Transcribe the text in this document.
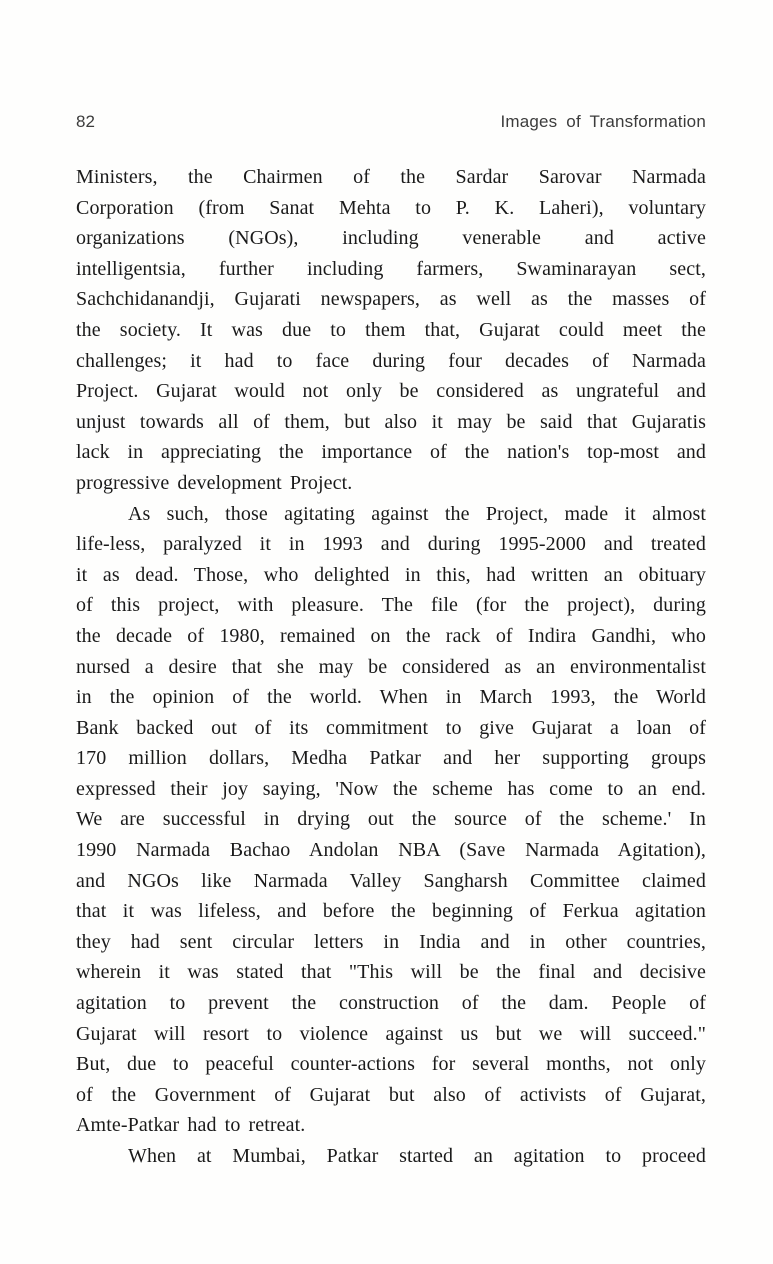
82	Images of Transformation
Ministers, the Chairmen of the Sardar Sarovar Narmada
Corporation (from Sanat Mehta to P. K. Laheri), voluntary
organizations (NGOs), including venerable and active
intelligentsia, further including farmers, Swaminarayan sect,
Sachchidanandji, Gujarati newspapers, as well as the masses of
the society. It was due to them that, Gujarat could meet the
challenges; it had to face during four decades of Narmada
Project. Gujarat would not only be considered as ungrateful and
unjust towards all of them, but also it may be said that Gujaratis
lack in appreciating the importance of the nation's top-most and
progressive development Project.
As such, those agitating against the Project, made it almost
life-less, paralyzed it in 1993 and during 1995-2000 and treated
it as dead. Those, who delighted in this, had written an obituary
of this project, with pleasure. The file (for the project), during
the decade of 1980, remained on the rack of Indira Gandhi, who
nursed a desire that she may be considered as an environmentalist
in the opinion of the world. When in March 1993, the World
Bank backed out of its commitment to give Gujarat a loan of
170 million dollars, Medha Patkar and her supporting groups
expressed their joy saying, 'Now the scheme has come to an end.
We are successful in drying out the source of the scheme.' In
1990 Narmada Bachao Andolan NBA (Save Narmada Agitation),
and NGOs like Narmada Valley Sangharsh Committee claimed
that it was lifeless, and before the beginning of Ferkua agitation
they had sent circular letters in India and in other countries,
wherein it was stated that "This will be the final and decisive
agitation to prevent the construction of the dam. People of
Gujarat will resort to violence against us but we will succeed."
But, due to peaceful counter-actions for several months, not only
of the Government of Gujarat but also of activists of Gujarat,
Amte-Patkar had to retreat.
When at Mumbai, Patkar started an agitation to proceed
